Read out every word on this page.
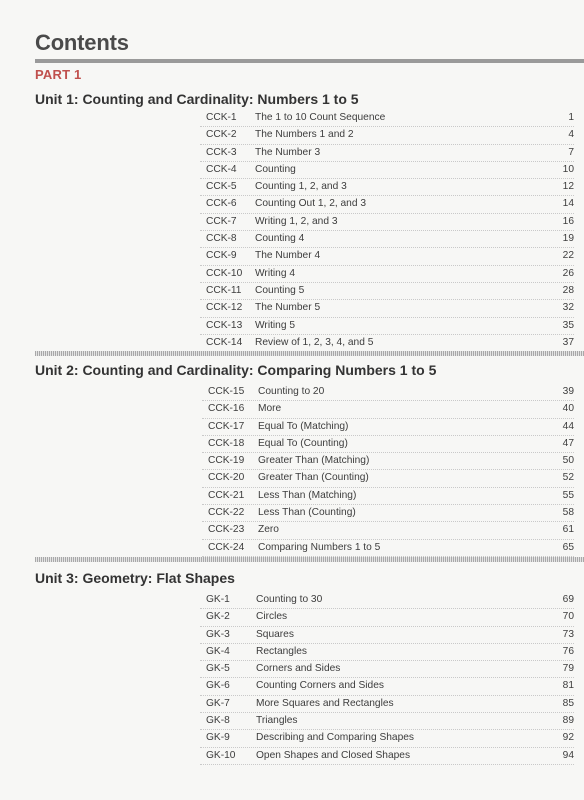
Contents
PART 1
Unit 1: Counting and Cardinality: Numbers 1 to 5
CCK-1 The 1 to 10 Count Sequence	1
CCK-2 The Numbers 1 and 2	4
CCK-3 The Number 3	7
CCK-4 Counting	10
CCK-5 Counting 1, 2, and 3	12
CCK-6 Counting Out 1, 2, and 3	14
CCK-7 Writing 1, 2, and 3	16
CCK-8 Counting 4	19
CCK-9 The Number 4	22
CCK-10 Writing 4	26
CCK-11 Counting 5	28
CCK-12 The Number 5	32
CCK-13 Writing 5	35
CCK-14 Review of 1, 2, 3, 4, and 5	37
Unit 2: Counting and Cardinality: Comparing Numbers 1 to 5
CCK-15 Counting to 20	39
CCK-16 More	40
CCK-17 Equal To (Matching)	44
CCK-18 Equal To (Counting)	47
CCK-19 Greater Than (Matching)	50
CCK-20 Greater Than (Counting)	52
CCK-21 Less Than (Matching)	55
CCK-22 Less Than (Counting)	58
CCK-23 Zero	61
CCK-24 Comparing Numbers 1 to 5	65
Unit 3: Geometry: Flat Shapes
GK-1	Counting to 30	69
GK-2	Circles	70
GK-3	Squares	73
GK-4	Rectangles	76
GK-5	Corners and Sides	79
GK-6	Counting Corners and Sides	81
GK-7	More Squares and Rectangles	85
GK-8	Triangles	89
GK-9	Describing and Comparing Shapes	92
GK-10 Open Shapes and Closed Shapes	94
